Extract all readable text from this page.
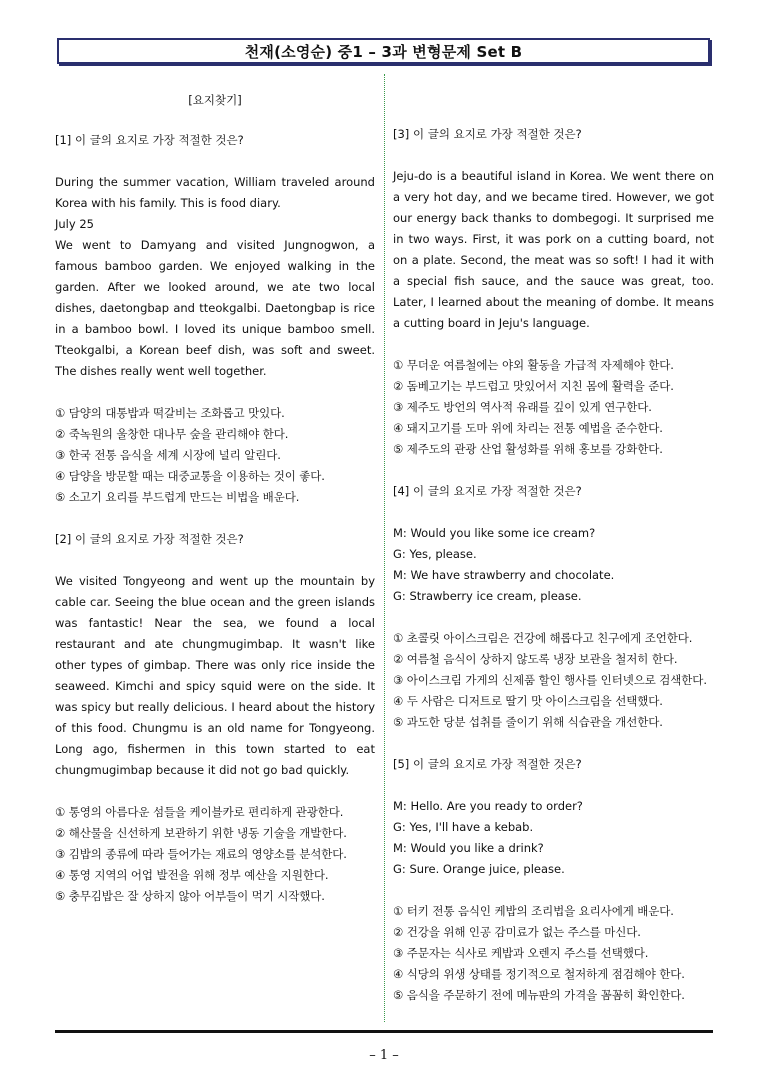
천재(소영순) 중1 – 3과 변형문제 Set B
[요지찾기]
[1] 이 글의 요지로 가장 적절한 것은?
During the summer vacation, William traveled around Korea with his family. This is food diary.
July 25
We went to Damyang and visited Jungnogwon, a famous bamboo garden. We enjoyed walking in the garden. After we looked around, we ate two local dishes, daetongbap and tteokgalbi. Daetongbap is rice in a bamboo bowl. I loved its unique bamboo smell. Tteokgalbi, a Korean beef dish, was soft and sweet. The dishes really went well together.
① 담양의 대통밥과 떡갈비는 조화롭고 맛있다.
② 죽녹원의 울창한 대나무 숲을 관리해야 한다.
③ 한국 전통 음식을 세계 시장에 널리 알린다.
④ 담양을 방문할 때는 대중교통을 이용하는 것이 좋다.
⑤ 소고기 요리를 부드럽게 만드는 비법을 배운다.
[2] 이 글의 요지로 가장 적절한 것은?
We visited Tongyeong and went up the mountain by cable car. Seeing the blue ocean and the green islands was fantastic! Near the sea, we found a local restaurant and ate chungmugimbap. It wasn't like other types of gimbap. There was only rice inside the seaweed. Kimchi and spicy squid were on the side. It was spicy but really delicious. I heard about the history of this food. Chungmu is an old name for Tongyeong. Long ago, fishermen in this town started to eat chungmugimbap because it did not go bad quickly.
① 통영의 아름다운 섬들을 케이블카로 편리하게 관광한다.
② 해산물을 신선하게 보관하기 위한 냉동 기술을 개발한다.
③ 김밥의 종류에 따라 들어가는 재료의 영양소를 분석한다.
④ 통영 지역의 어업 발전을 위해 정부 예산을 지원한다.
⑤ 충무김밥은 잘 상하지 않아 어부들이 먹기 시작했다.
[3] 이 글의 요지로 가장 적절한 것은?
Jeju-do is a beautiful island in Korea. We went there on a very hot day, and we became tired. However, we got our energy back thanks to dombegogi. It surprised me in two ways. First, it was pork on a cutting board, not on a plate. Second, the meat was so soft! I had it with a special fish sauce, and the sauce was great, too. Later, I learned about the meaning of dombe. It means a cutting board in Jeju's language.
① 무더운 여름철에는 야외 활동을 가급적 자제해야 한다.
② 돔베고기는 부드럽고 맛있어서 지친 몸에 활력을 준다.
③ 제주도 방언의 역사적 유래를 깊이 있게 연구한다.
④ 돼지고기를 도마 위에 차리는 전통 예법을 준수한다.
⑤ 제주도의 관광 산업 활성화를 위해 홍보를 강화한다.
[4] 이 글의 요지로 가장 적절한 것은?
M: Would you like some ice cream?
G: Yes, please.
M: We have strawberry and chocolate.
G: Strawberry ice cream, please.
① 초콜릿 아이스크림은 건강에 해롭다고 친구에게 조언한다.
② 여름철 음식이 상하지 않도록 냉장 보관을 철저히 한다.
③ 아이스크림 가게의 신제품 할인 행사를 인터넷으로 검색한다.
④ 두 사람은 디저트로 딸기 맛 아이스크림을 선택했다.
⑤ 과도한 당분 섭취를 줄이기 위해 식습관을 개선한다.
[5] 이 글의 요지로 가장 적절한 것은?
M: Hello. Are you ready to order?
G: Yes, I'll have a kebab.
M: Would you like a drink?
G: Sure. Orange juice, please.
① 터키 전통 음식인 케밥의 조리법을 요리사에게 배운다.
② 건강을 위해 인공 감미료가 없는 주스를 마신다.
③ 주문자는 식사로 케밥과 오렌지 주스를 선택했다.
④ 식당의 위생 상태를 정기적으로 철저하게 점검해야 한다.
⑤ 음식을 주문하기 전에 메뉴판의 가격을 꼼꼼히 확인한다.
– 1 –
